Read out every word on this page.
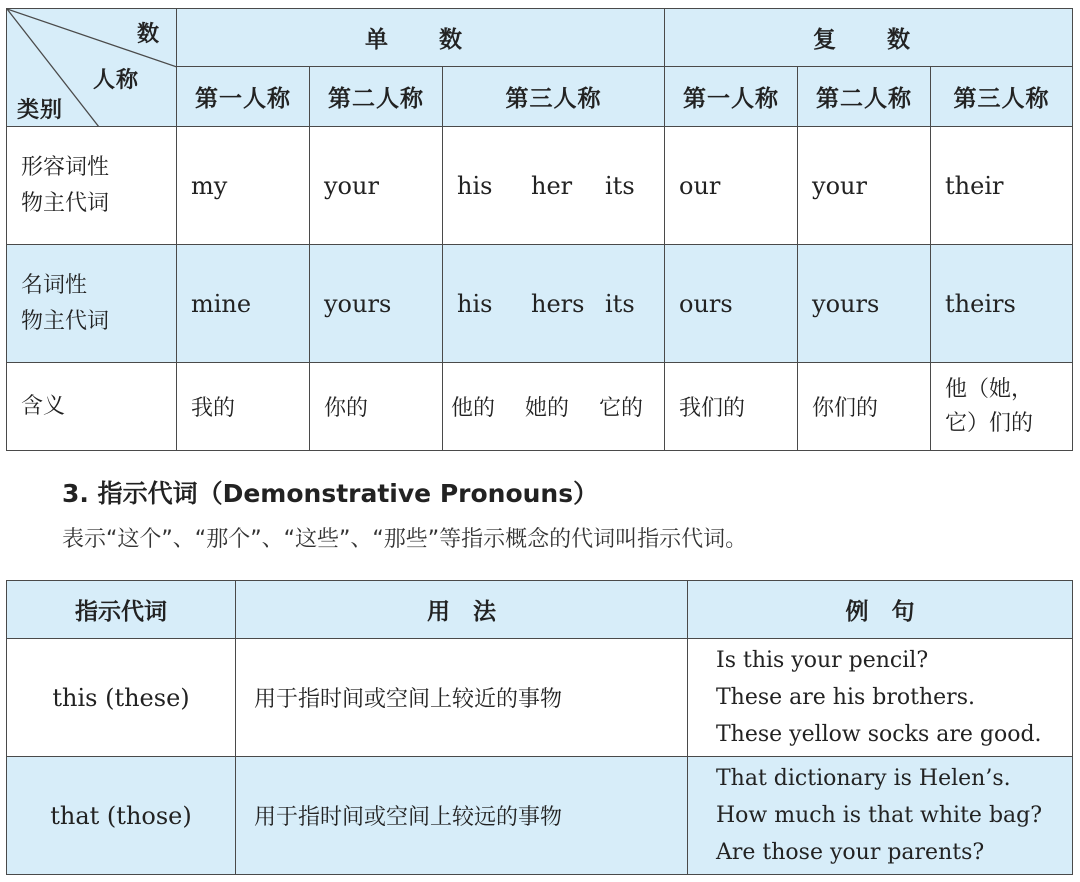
数
人称
类别	单　数			复　数		
	第一人称	第二人称	第三人称	第一人称	第二人称	第三人称

形容词性
物主代词	my	your	his her its	our	your	their

名词性
物主代词	mine	yours	his hers its	ours	yours	theirs
含义	我的	你的	他的 她的 它的	我们的	你们的	他（她，
它）们的
3. 指示代词（Demonstrative Pronouns）

表示“这个”、“那个”、“这些”、“那些”等指示概念的代词叫指示代词。

指示代词	用　法	例　句
this (these)	用于指时间或空间上较近的事物	Is this your pencil?
These are his brothers.
These yellow socks are good.

that (those)	用于指时间或空间上较远的事物	That dictionary is Helen’s.
How much is that white bag?
Are those your parents?
